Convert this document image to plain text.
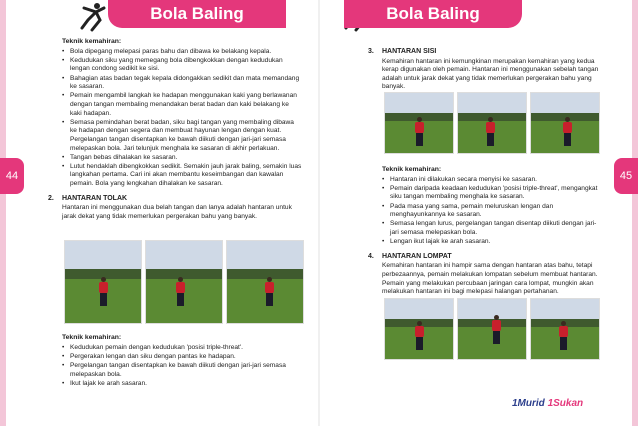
Bola Baling	Bola Baling
44	45
Teknik kemahiran:
• Bola dipegang melepasi paras bahu dan dibawa ke belakang kepala.
• Kedudukan siku yang memegang bola dibengkokkan dengan kedudukan lengan condong sedikit ke sisi.
• Bahagian atas badan tegak kepala didongakkan sedikit dan mata memandang ke sasaran.
• Pemain mengambil langkah ke hadapan menggunakan kaki yang berlawanan dengan tangan membaling menandakan berat badan dan kaki belakang ke kaki hadapan.
• Semasa pemindahan berat badan, siku bagi tangan yang membaling dibawa ke hadapan dengan segera dan membuat hayunan lengan dengan kuat. Pergelangan tangan disentapkan ke bawah diikuti dengan jari-jari semasa melepaskan bola. Jari telunjuk menghala ke sasaran di akhir perlakuan.
• Tangan bebas dihalakan ke sasaran.
• Lutut hendaklah dibengkokkan sedikit. Semakin jauh jarak baling, semakin luas langkahan pertama. Cari ini akan membantu keseimbangan dan kawalan pemain. Bola yang lengkahan dihalakan ke sasaran.
2. HANTARAN TOLAK
Hantaran ini menggunakan dua belah tangan dan lanya adalah hantaran untuk jarak dekat yang tidak memerlukan pergerakan bahu yang banyak.
Teknik kemahiran:
• Kedudukan pemain dengan kedudukan 'posisi triple-threat'.
• Pergerakan lengan dan siku dengan pantas ke hadapan.
• Pergelangan tangan disentapkan ke bawah diikuti dengan jari-jari semasa melepaskan bola.
• Ikut lajak ke arah sasaran.
3. HANTARAN SISI
Kemahiran hantaran ini kemungkinan merupakan kemahiran yang kedua kerap digunakan oleh pemain. Hantaran ini menggunakan sebelah tangan adalah untuk jarak dekat yang tidak memerlukan pergerakan bahu yang banyak.
Teknik kemahiran:
• Hantaran ini dilakukan secara menyisi ke sasaran.
• Pemain daripada keadaan kedudukan 'posisi triple-threat', mengangkat siku tangan membaling menghala ke sasaran.
• Pada masa yang sama, pemain meluruskan lengan dan menghayunkannya ke sasaran.
• Semasa lengan lurus, pergelangan tangan disentap diikuti dengan jari-jari semasa melepaskan bola.
• Lengan ikut lajak ke arah sasaran.
4. HANTARAN LOMPAT
Kemahiran hantaran ini hampir sama dengan hantaran atas bahu, tetapi perbezaannya, pemain melakukan lompatan sebelum membuat hantaran. Pemain yang melakukan percubaan jaringan cara lompat, mungkin akan melakukan hantaran ini bagi melepasi halangan pertahanan.
1Murid 1Sukan
